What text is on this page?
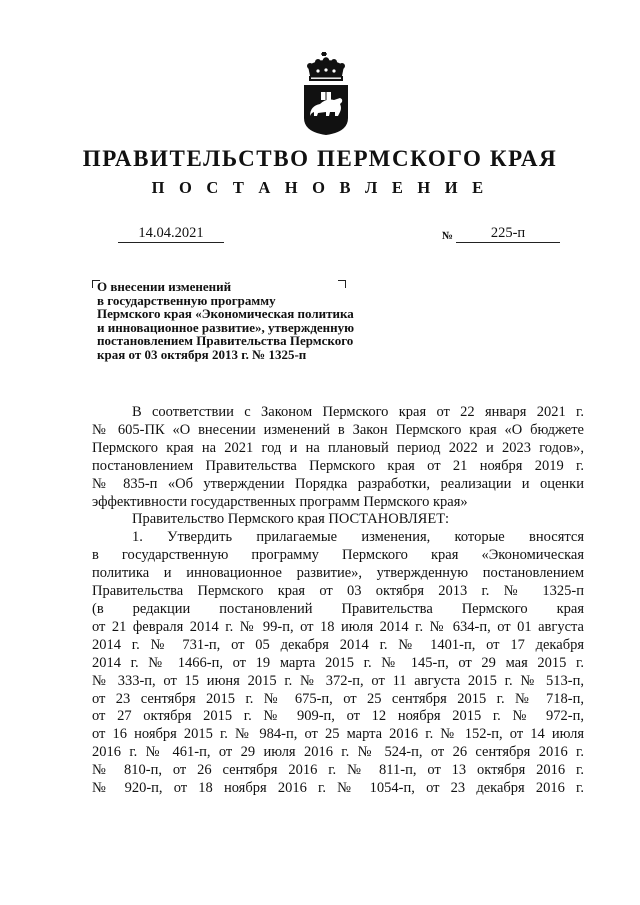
ПРАВИТЕЛЬСТВО ПЕРМСКОГО КРАЯ
П О С Т А Н О В Л Е Н И Е
14.04.2021	№	225-п
О внесении изменений
в государственную программу
Пермского края «Экономическая политика
и инновационное развитие», утвержденную
постановлением Правительства Пермского
края от 03 октября 2013 г. № 1325-п
В соответствии с Законом Пермского края от 22 января 2021 г.
№ 605-ПК «О внесении изменений в Закон Пермского края «О бюджете
Пермского края на 2021 год и на плановый период 2022 и 2023 годов»,
постановлением Правительства Пермского края от 21 ноября 2019 г.
№ 835-п «Об утверждении Порядка разработки, реализации и оценки
эффективности государственных программ Пермского края»
Правительство Пермского края ПОСТАНОВЛЯЕТ:
1. Утвердить прилагаемые изменения, которые вносятся
в государственную программу Пермского края «Экономическая
политика и инновационное развитие», утвержденную постановлением
Правительства Пермского края от 03 октября 2013 г. № 1325-п
(в редакции постановлений Правительства Пермского края
от 21 февраля 2014 г. № 99-п, от 18 июля 2014 г. № 634-п, от 01 августа
2014 г. № 731-п, от 05 декабря 2014 г. № 1401-п, от 17 декабря
2014 г. № 1466-п, от 19 марта 2015 г. № 145-п, от 29 мая 2015 г.
№ 333-п, от 15 июня 2015 г. № 372-п, от 11 августа 2015 г. № 513-п,
от 23 сентября 2015 г. № 675-п, от 25 сентября 2015 г. № 718-п,
от 27 октября 2015 г. № 909-п, от 12 ноября 2015 г. № 972-п,
от 16 ноября 2015 г. № 984-п, от 25 марта 2016 г. № 152-п, от 14 июля
2016 г. № 461-п, от 29 июля 2016 г. № 524-п, от 26 сентября 2016 г.
№ 810-п, от 26 сентября 2016 г. № 811-п, от 13 октября 2016 г.
№ 920-п, от 18 ноября 2016 г. № 1054-п, от 23 декабря 2016 г.
